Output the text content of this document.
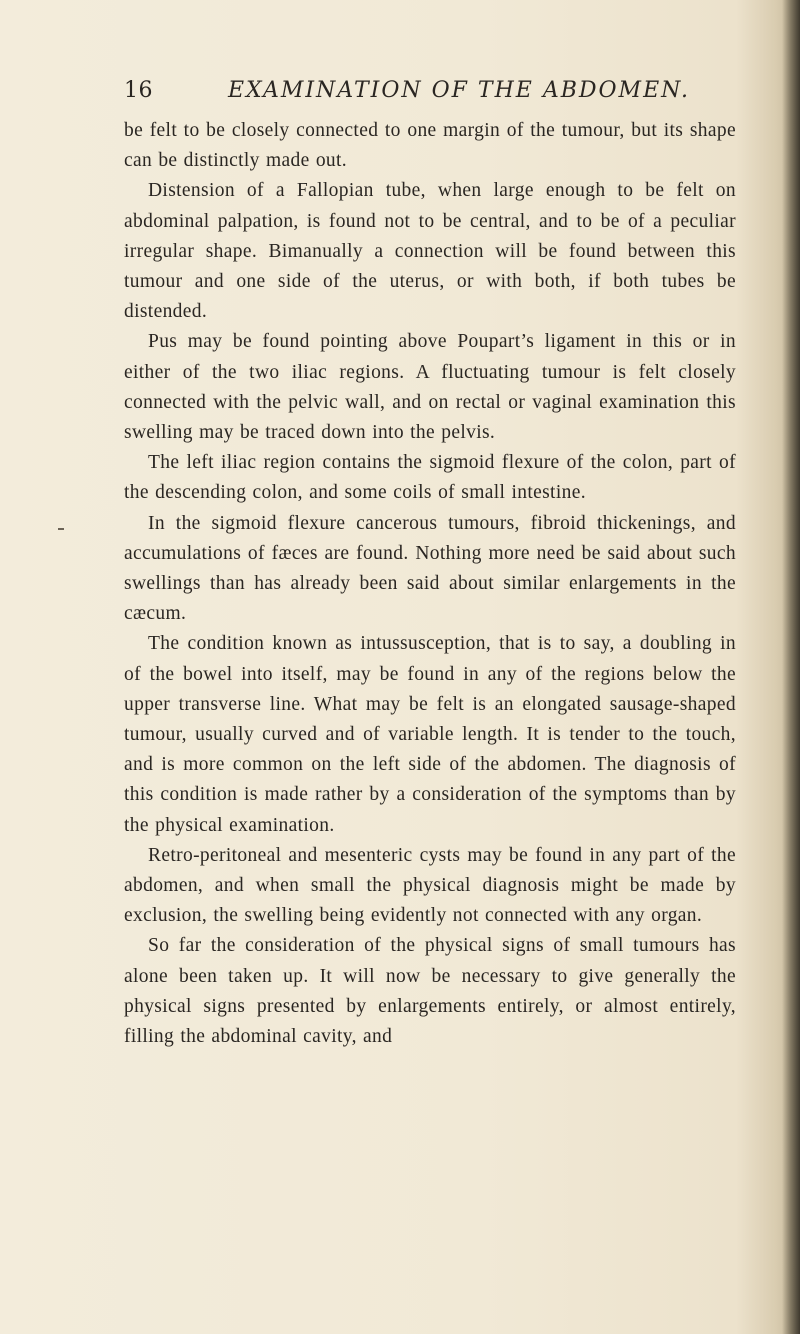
16	EXAMINATION OF THE ABDOMEN.

be felt to be closely connected to one margin of the tumour, but its shape can be distinctly made out.

Distension of a Fallopian tube, when large enough to be felt on abdominal palpation, is found not to be central, and to be of a peculiar irregular shape. Bimanually a connection will be found between this tumour and one side of the uterus, or with both, if both tubes be distended.

Pus may be found pointing above Poupart’s ligament in this or in either of the two iliac regions. A fluctuating tumour is felt closely connected with the pelvic wall, and on rectal or vaginal examination this swelling may be traced down into the pelvis.

The left iliac region contains the sigmoid flexure of the colon, part of the descending colon, and some coils of small intestine.

In the sigmoid flexure cancerous tumours, fibroid thickenings, and accumulations of fæces are found. Nothing more need be said about such swellings than has already been said about similar enlargements in the cæcum.

The condition known as intussusception, that is to say, a doubling in of the bowel into itself, may be found in any of the regions below the upper transverse line. What may be felt is an elongated sausage-shaped tumour, usually curved and of variable length. It is tender to the touch, and is more common on the left side of the abdomen. The diagnosis of this condition is made rather by a consideration of the symptoms than by the physical examination.

Retro-peritoneal and mesenteric cysts may be found in any part of the abdomen, and when small the physical diagnosis might be made by exclusion, the swelling being evidently not connected with any organ.

So far the consideration of the physical signs of small tumours has alone been taken up. It will now be necessary to give generally the physical signs presented by enlargements entirely, or almost entirely, filling the abdominal cavity, and
